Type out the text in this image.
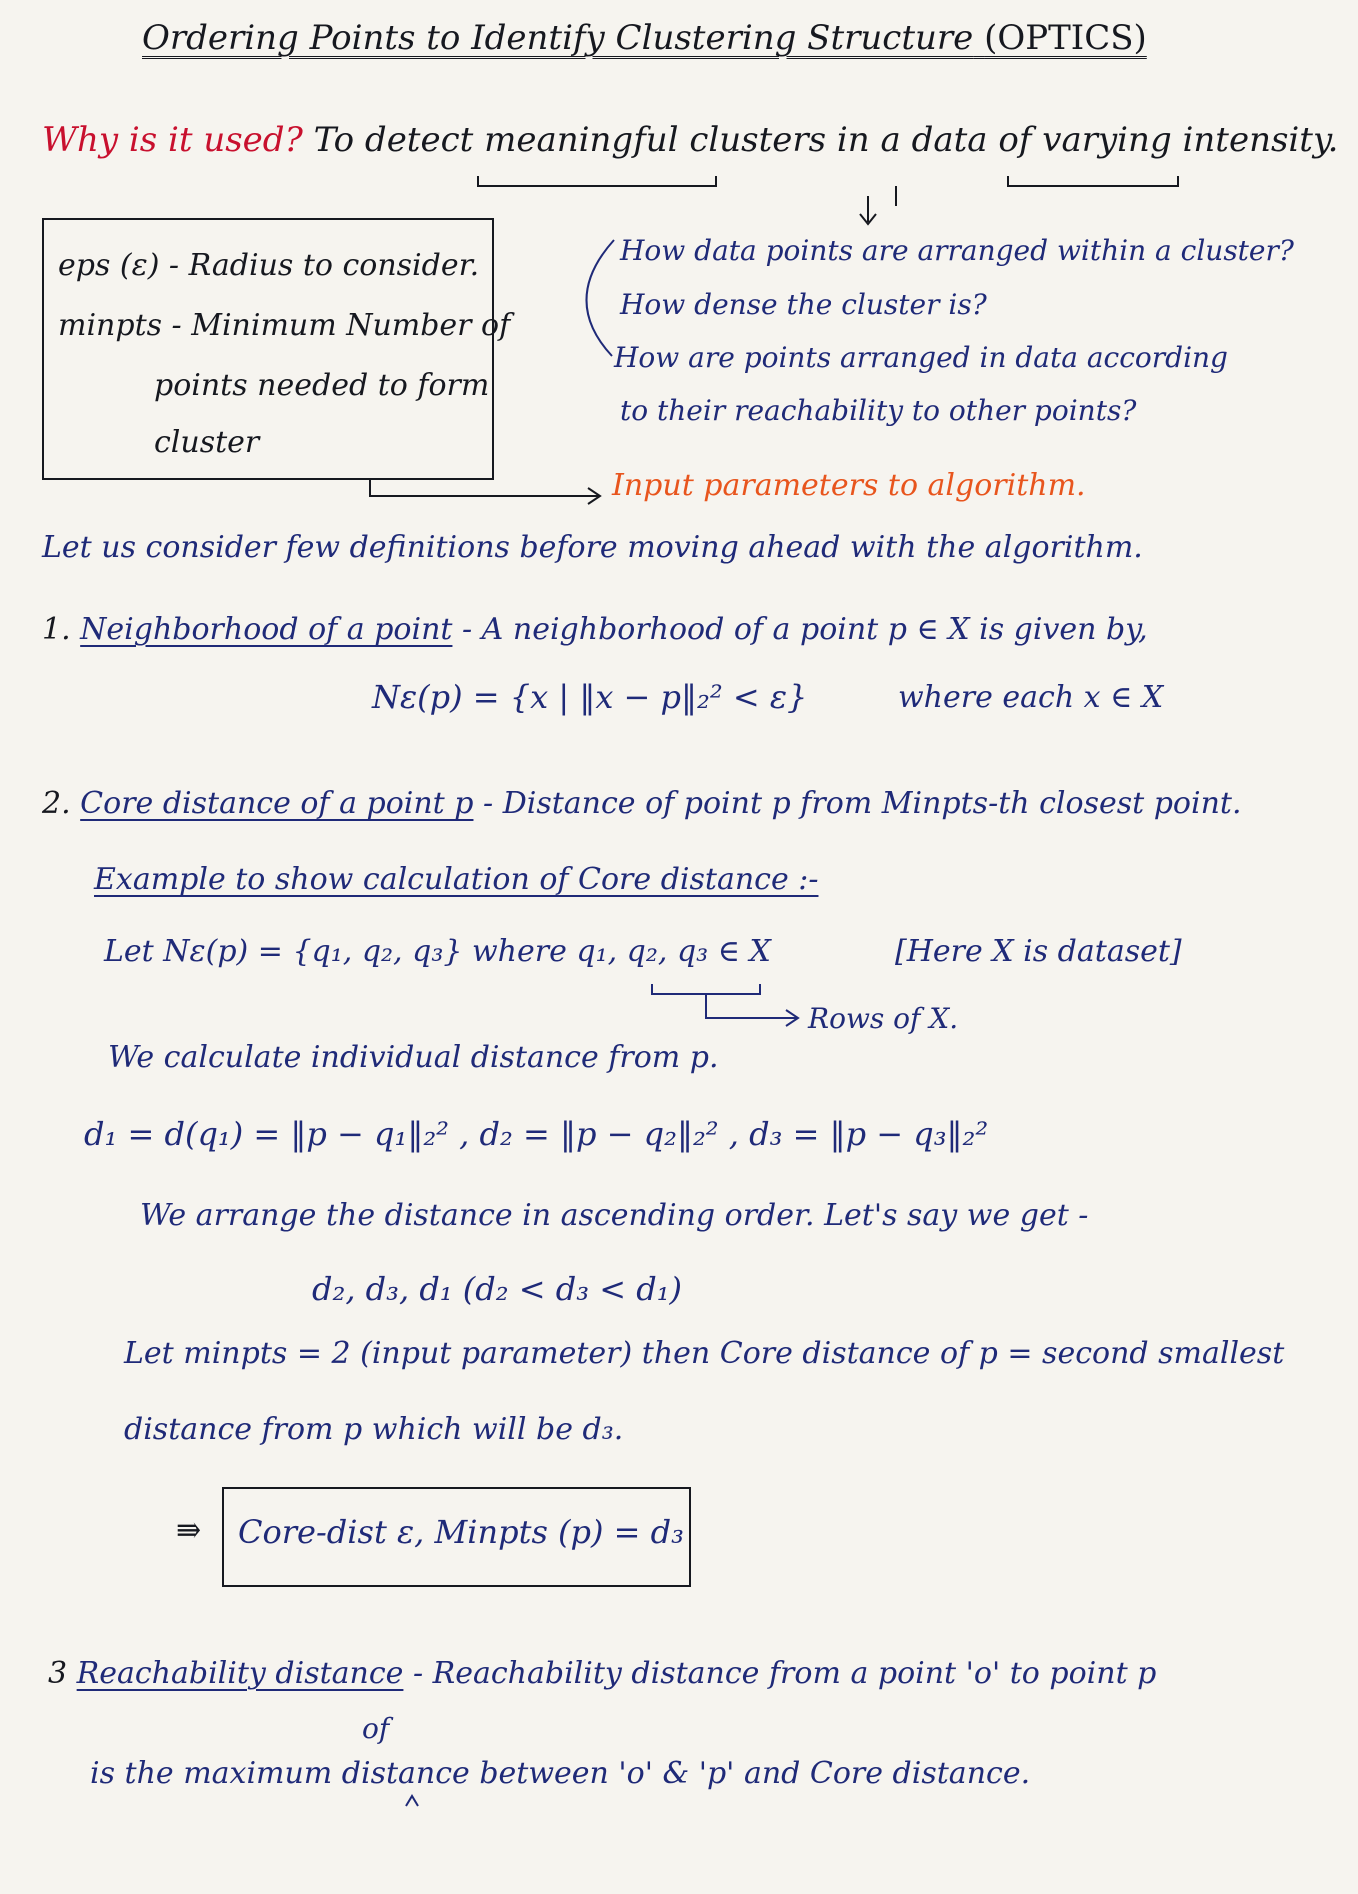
Ordering Points to Identify Clustering Structure (OPTICS)
Why is it used? To detect meaningful clusters in a data of varying intensity.
eps (ε) - Radius to consider.
minpts - Minimum Number of
points needed to form
cluster
How data points are arranged within a cluster?
How dense the cluster is?
How are points arranged in data according
to their reachability to other points?
Input parameters to algorithm.
Let us consider few definitions before moving ahead with the algorithm.
1. Neighborhood of a point - A neighborhood of a point p ∈ X is given by,
Nε(p) = {x | ‖x − p‖₂² < ε}	where each x ∈ X
2. Core distance of a point p - Distance of point p from Minpts-th closest point.
Example to show calculation of Core distance :-
Let Nε(p) = {q₁, q₂, q₃} where q₁, q₂, q₃ ∈ X	[Here X is dataset]
Rows of X.
We calculate individual distance from p.
d₁ = d(q₁) = ‖p − q₁‖₂² , d₂ = ‖p − q₂‖₂² , d₃ = ‖p − q₃‖₂²
We arrange the distance in ascending order. Let's say we get -
d₂, d₃, d₁ (d₂ < d₃ < d₁)
Let minpts = 2 (input parameter) then Core distance of p = second smallest
distance from p which will be d₃.
⇛ Core-dist ε, Minpts (p) = d₃
3 Reachability distance - Reachability distance from a point 'o' to point p
of
is the maximum distance between 'o' & 'p' and Core distance.
